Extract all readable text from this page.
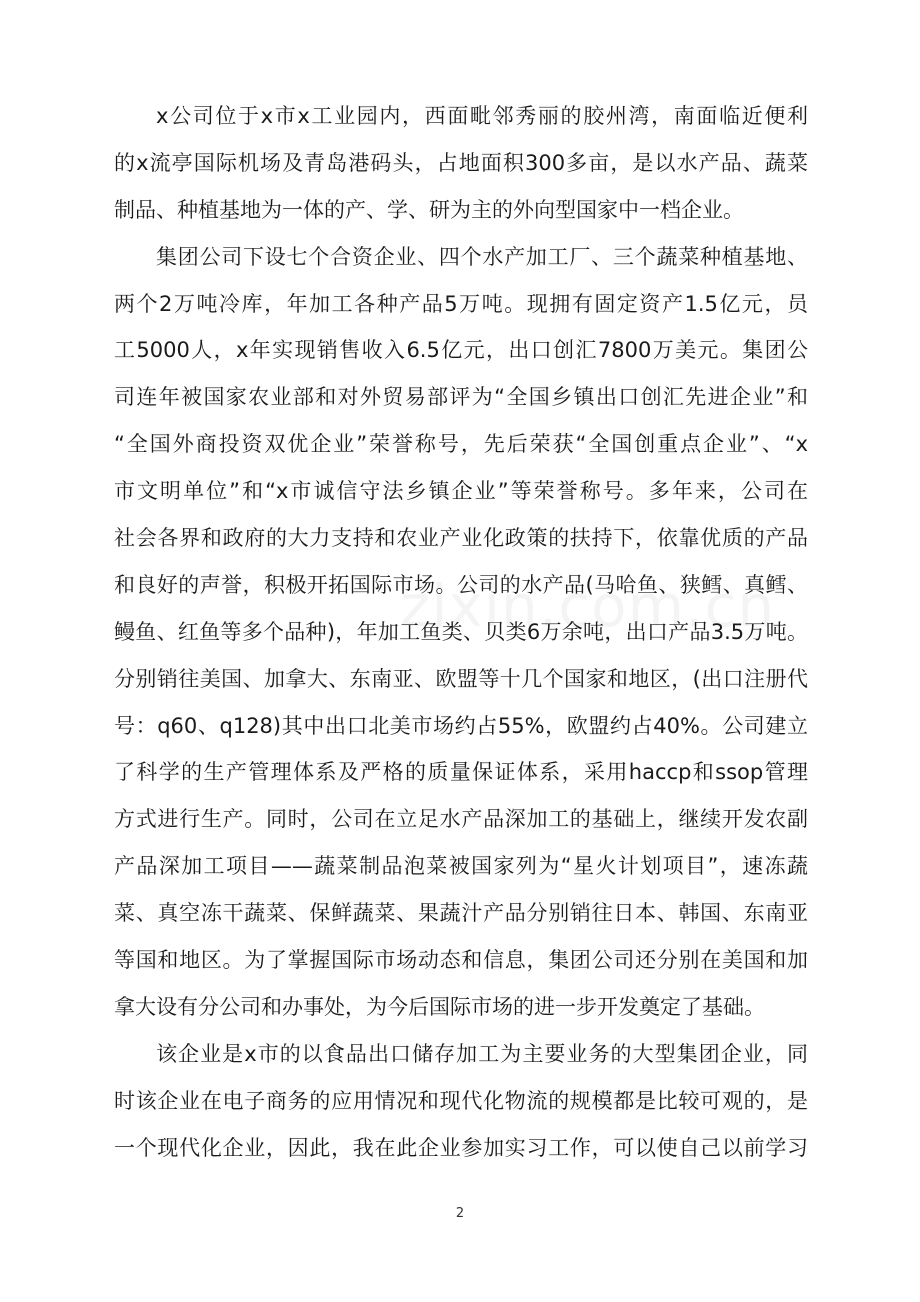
x公司位于x市x工业园内，西面毗邻秀丽的胶州湾，南面临近便利
的x流亭国际机场及青岛港码头，占地面积300多亩，是以水产品、蔬菜
制品、种植基地为一体的产、学、研为主的外向型国家中一档企业。

集团公司下设七个合资企业、四个水产加工厂、三个蔬菜种植基地、
两个2万吨冷库，年加工各种产品5万吨。现拥有固定资产1.5亿元，员
工5000人，x年实现销售收入6.5亿元，出口创汇7800万美元。集团公
司连年被国家农业部和对外贸易部评为“全国乡镇出口创汇先进企业”和
“全国外商投资双优企业”荣誉称号，先后荣获“全国创重点企业”、“x
市文明单位”和“x市诚信守法乡镇企业”等荣誉称号。多年来，公司在
社会各界和政府的大力支持和农业产业化政策的扶持下，依靠优质的产品
和良好的声誉，积极开拓国际市场。公司的水产品(马哈鱼、狭鳕、真鳕、
鳗鱼、红鱼等多个品种)，年加工鱼类、贝类6万余吨，出口产品3.5万吨。
分别销往美国、加拿大、东南亚、欧盟等十几个国家和地区，(出口注册代
号：q60、q128)其中出口北美市场约占55%，欧盟约占40%。公司建立
了科学的生产管理体系及严格的质量保证体系，采用haccp和ssop管理
方式进行生产。同时，公司在立足水产品深加工的基础上，继续开发农副
产品深加工项目——蔬菜制品泡菜被国家列为“星火计划项目”，速冻蔬
菜、真空冻干蔬菜、保鲜蔬菜、果蔬汁产品分别销往日本、韩国、东南亚
等国和地区。为了掌握国际市场动态和信息，集团公司还分别在美国和加
拿大设有分公司和办事处，为今后国际市场的进一步开发奠定了基础。

该企业是x市的以食品出口储存加工为主要业务的大型集团企业，同
时该企业在电子商务的应用情况和现代化物流的规模都是比较可观的，是
一个现代化企业，因此，我在此企业参加实习工作，可以使自己以前学习

2
